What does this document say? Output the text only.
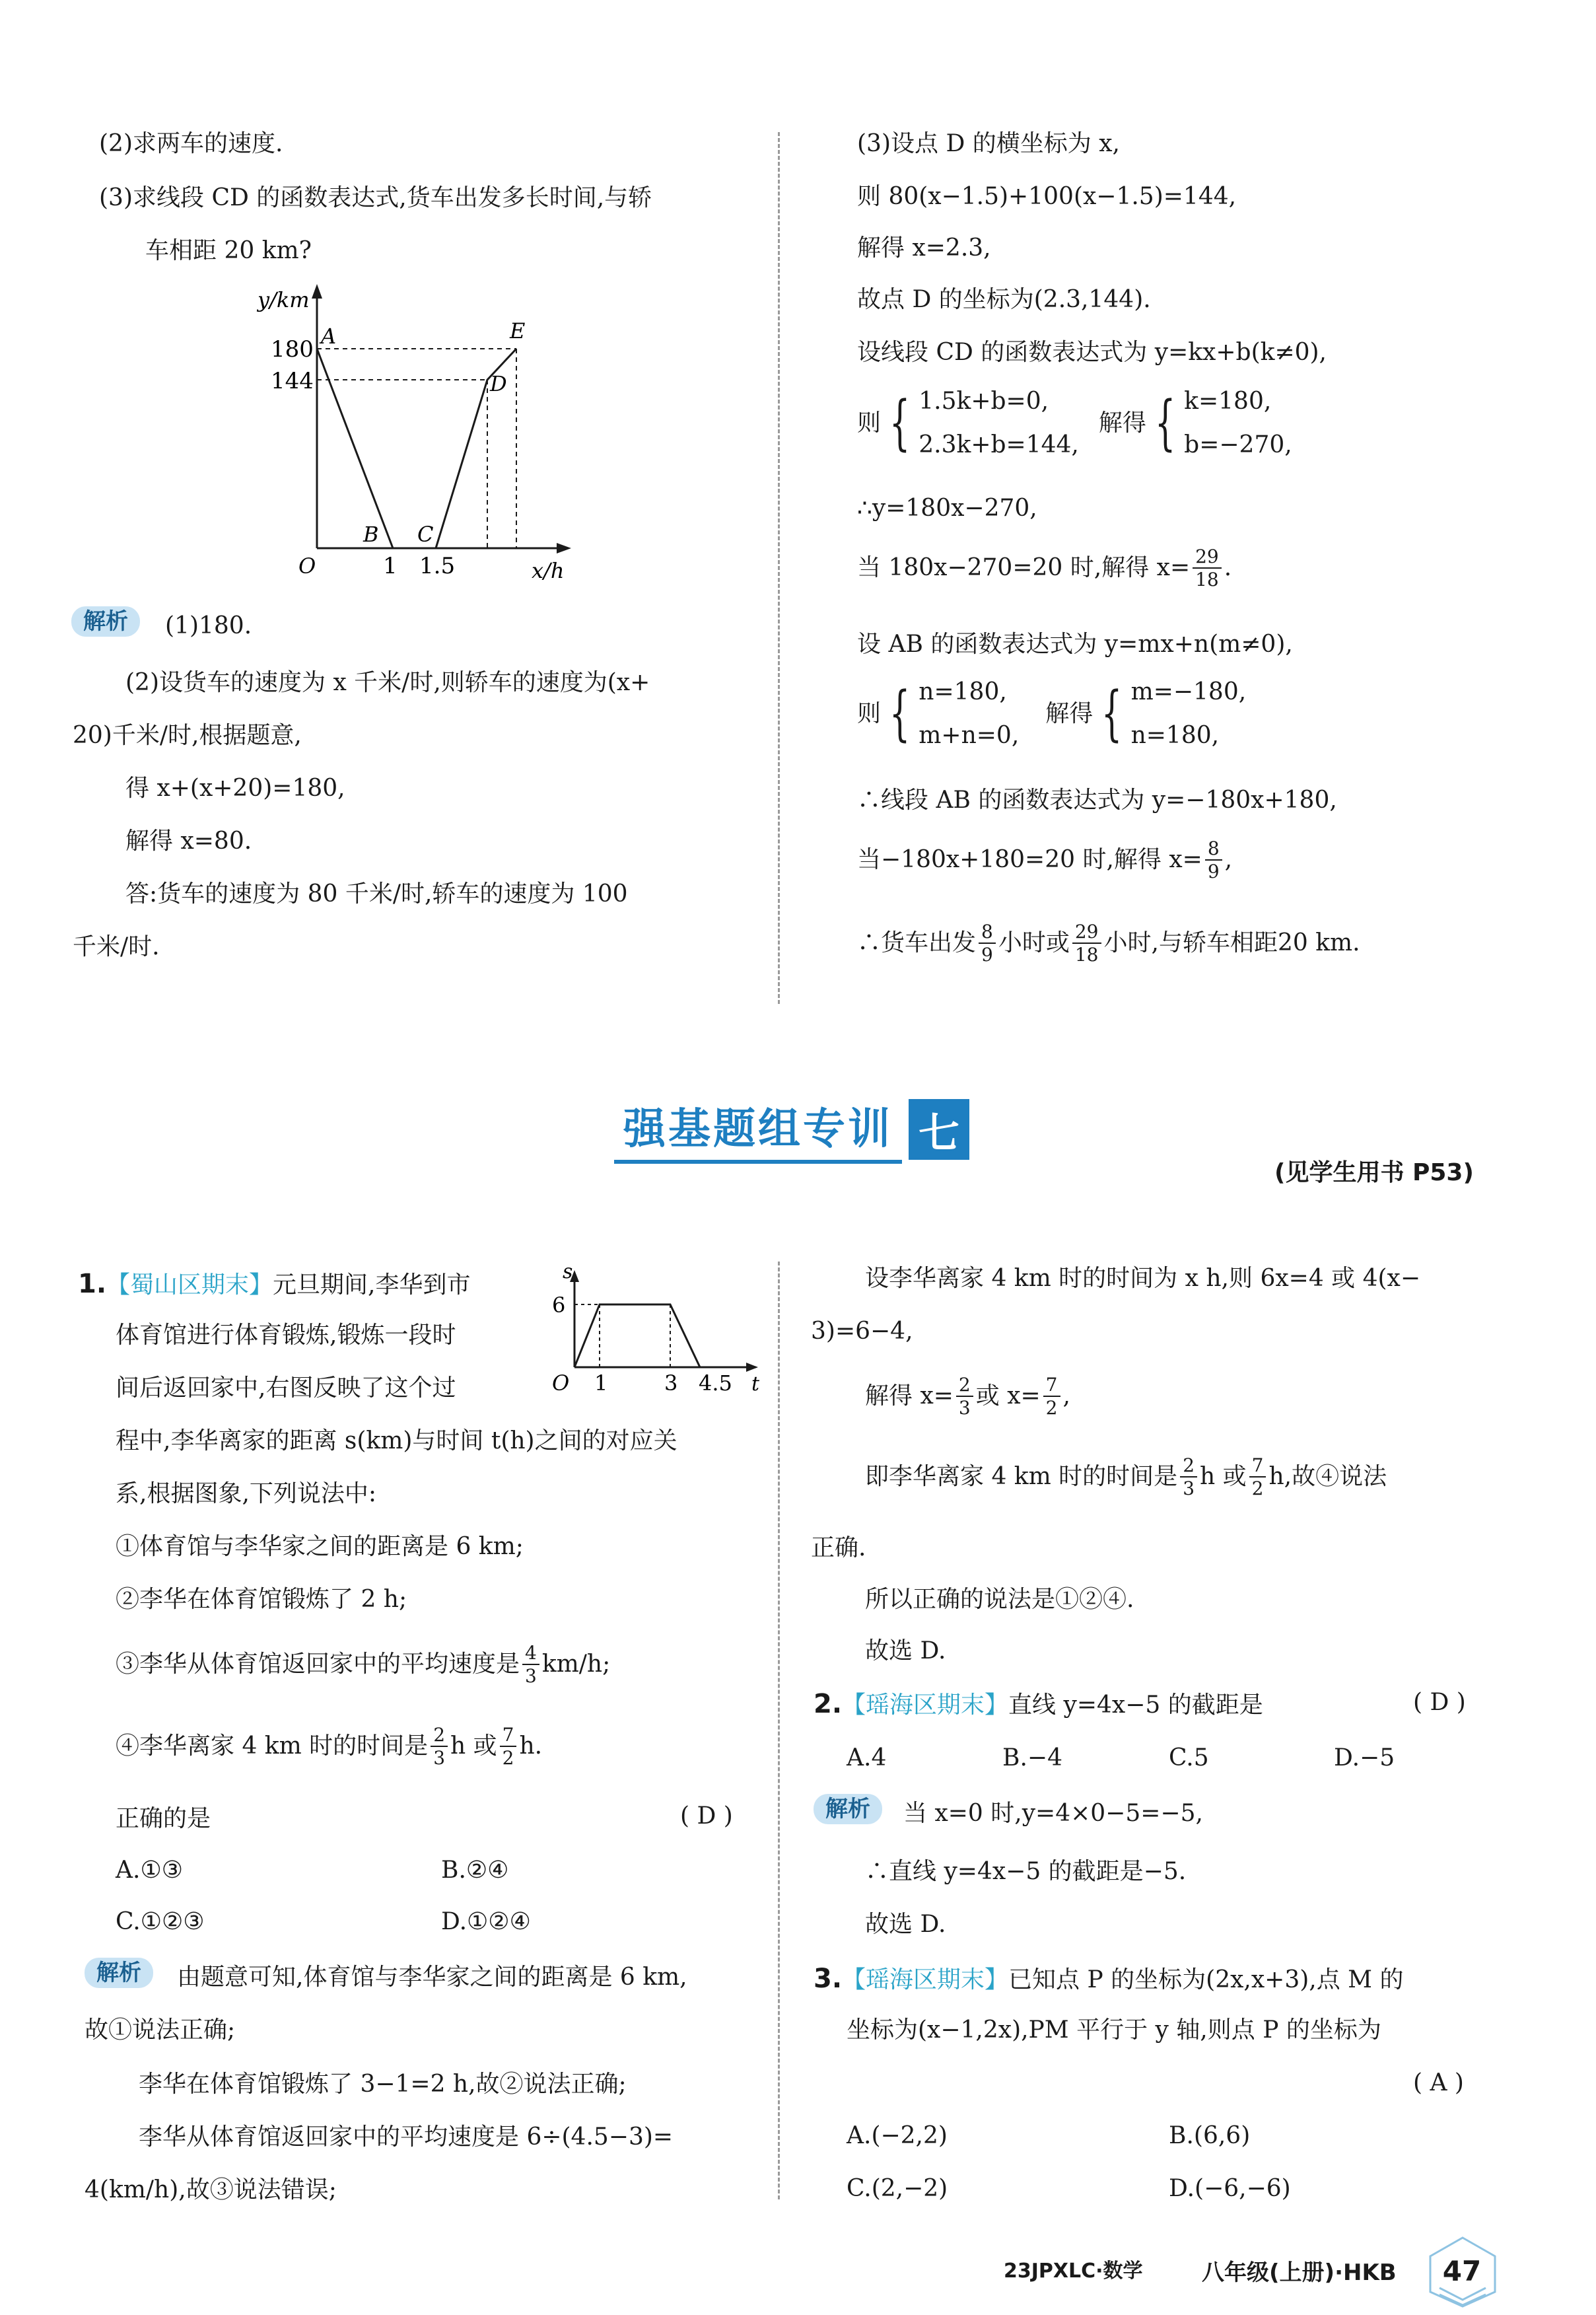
(2)求两车的速度.
(3)求线段 CD 的函数表达式,货车出发多长时间,与轿
车相距 20 km?
y/km
x/h
180
144
1 1.5
A
B C
D
E
O
解析	(1)180.
(2)设货车的速度为 x 千米/时,则轿车的速度为(x+
20)千米/时,根据题意,
得 x+(x+20)=180,
解得 x=80.
答:货车的速度为 80 千米/时,轿车的速度为 100
千米/时.
(3)设点 D 的横坐标为 x,
则 80(x−1.5)+100(x−1.5)=144,
解得 x=2.3,
故点 D 的坐标为(2.3,144).
设线段 CD 的函数表达式为 y=kx+b(k≠0),
则 { 1.5k+b=0,
2.3k+b=144,
解得 { k=180,
b=−270,
∴y=180x−270,
当 180x−270=20 时,解得 $x= \frac{29}{18}$ .
设 AB 的函数表达式为 y=mx+n(m≠0),
则 { n=180,
m+n=0,
解得 { m=−180,
n=180,
∴线段 AB 的函数表达式为 y=−180x+180,
当−180x+180=20 时,解得 $x= \frac{8}{9}$ ,
∴货车出发 $\frac{8}{9}$ 小时或 $\frac{29}{18}$ 小时,与轿车相距20 km.
强基题组专训 七
(见学生用书 P53)
1.【蜀山区期末】元旦期间,李华到市
体育馆进行体育锻炼,锻炼一段时
间后返回家中,右图反映了这个过
s
t
6
O 1	3 4.5
程中,李华离家的距离 s(km)与时间 t(h)之间的对应关
系,根据图象,下列说法中:
①体育馆与李华家之间的距离是 6 km;
②李华在体育馆锻炼了 2 h;
③李华从体育馆返回家中的平均速度是 $\frac{4}{3} km/h$;
④李华离家 4 km 时的时间是 $\frac{2}{3}$ h 或 $\frac{7}{2} h$.
正确的是	( D )
A.①③	B.②④
C.①②③	D.①②④
解析	由题意可知,体育馆与李华家之间的距离是 6 km,
故①说法正确;
李华在体育馆锻炼了 3−1=2 h,故②说法正确;
李华从体育馆返回家中的平均速度是 6÷(4.5−3)=
4(km/h),故③说法错误;
设李华离家 4 km 时的时间为 x h,则 6x=4 或 4(x−
3)=6−4,
解得 $x= \frac{2}{3}$ 或 $x= \frac{7}{2}$ ,
即李华离家 4 km 时的时间是 $\frac{2}{3}$ h 或 $\frac{7}{2} h$,故④说法
正确.
所以正确的说法是①②④.
故选 D.
2.【瑶海区期末】直线 y=4x−5 的截距是	( D )
A.4	B.−4	C.5	D.−5
解析	当 x=0 时,y=4×0−5=−5,
∴直线 y=4x−5 的截距是−5.
故选 D.
3.【瑶海区期末】已知点 P 的坐标为(2x,x+3),点 M 的
坐标为(x−1,2x),PM 平行于 y 轴,则点 P 的坐标为
( A )
A.(−2,2)	B.(6,6)
C.(2,−2)	D.(−6,−6)
23JPXLC·数学	八年级(上册)·HKB	47
